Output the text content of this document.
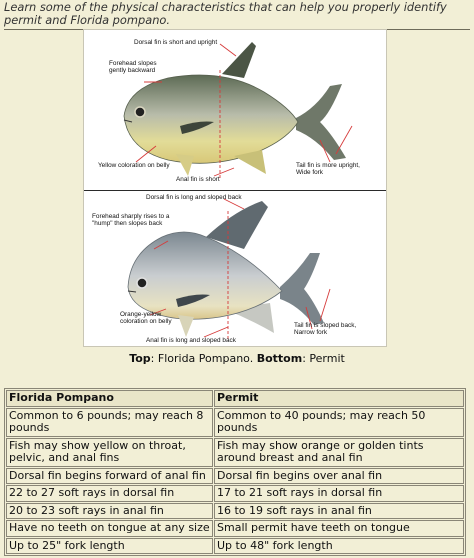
Learn some of the physical characteristics that can help you properly identify permit and Florida pompano.
Dorsal fin is short and upright
Forehead slopes
gently backward
Yellow coloration on belly
Anal fin is short
Tail fin is more upright,
Wide fork
Dorsal fin is long and sloped back
Forehead sharply rises to a
"hump" then slopes back
Orange-yellow
coloration on belly
Anal fin is long and sloped back
Tail fin is sloped back,
Narrow fork
Top: Florida Pompano. Bottom: Permit
Florida Pompano	Permit
Common to 6 pounds; may reach 8 pounds	Common to 40 pounds; may reach 50 pounds
Fish may show yellow on throat, pelvic, and anal fins	Fish may show orange or golden tints around breast and anal fin
Dorsal fin begins forward of anal fin	Dorsal fin begins over anal fin
22 to 27 soft rays in dorsal fin	17 to 21 soft rays in dorsal fin
20 to 23 soft rays in anal fin	16 to 19 soft rays in anal fin
Have no teeth on tongue at any size	Small permit have teeth on tongue
Up to 25" fork length	Up to 48" fork length
